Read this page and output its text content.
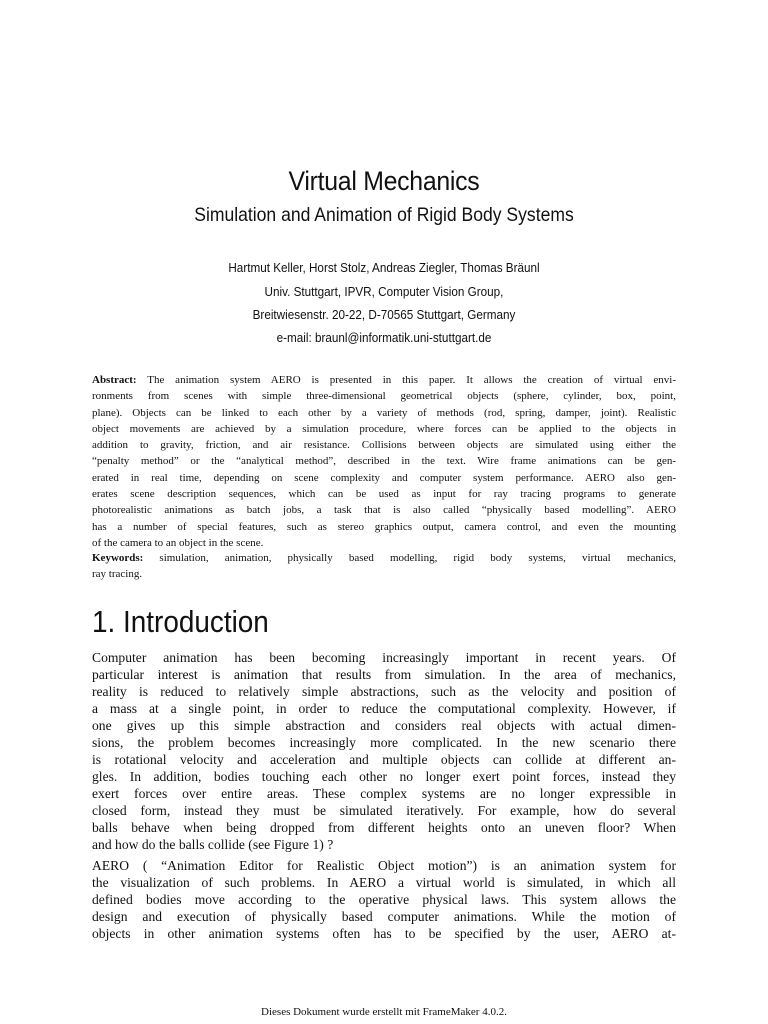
Virtual Mechanics
Simulation and Animation of Rigid Body Systems
Hartmut Keller, Horst Stolz, Andreas Ziegler, Thomas Bräunl
Univ. Stuttgart, IPVR, Computer Vision Group,
Breitwiesenstr. 20-22, D-70565 Stuttgart, Germany
e-mail: braunl@informatik.uni-stuttgart.de
Abstract: The animation system AERO is presented in this paper. It allows the creation of virtual envi-
ronments from scenes with simple three-dimensional geometrical objects (sphere, cylinder, box, point,
plane). Objects can be linked to each other by a variety of methods (rod, spring, damper, joint). Realistic
object movements are achieved by a simulation procedure, where forces can be applied to the objects in
addition to gravity, friction, and air resistance. Collisions between objects are simulated using either the
“penalty method” or the “analytical method”, described in the text. Wire frame animations can be gen-
erated in real time, depending on scene complexity and computer system performance. AERO also gen-
erates scene description sequences, which can be used as input for ray tracing programs to generate
photorealistic animations as batch jobs, a task that is also called “physically based modelling”. AERO
has a number of special features, such as stereo graphics output, camera control, and even the mounting
of the camera to an object in the scene.
Keywords: simulation, animation, physically based modelling, rigid body systems, virtual mechanics,
ray tracing.
1. Introduction
Computer animation has been becoming increasingly important in recent years. Of
particular interest is animation that results from simulation. In the area of mechanics,
reality is reduced to relatively simple abstractions, such as the velocity and position of
a mass at a single point, in order to reduce the computational complexity. However, if
one gives up this simple abstraction and considers real objects with actual dimen-
sions, the problem becomes increasingly more complicated. In the new scenario there
is rotational velocity and acceleration and multiple objects can collide at different an-
gles. In addition, bodies touching each other no longer exert point forces, instead they
exert forces over entire areas. These complex systems are no longer expressible in
closed form, instead they must be simulated iteratively. For example, how do several
balls behave when being dropped from different heights onto an uneven floor? When
and how do the balls collide (see Figure 1) ?
AERO ( “Animation Editor for Realistic Object motion”) is an animation system for
the visualization of such problems. In AERO a virtual world is simulated, in which all
defined bodies move according to the operative physical laws. This system allows the
design and execution of physically based computer animations. While the motion of
objects in other animation systems often has to be specified by the user, AERO at-
Dieses Dokument wurde erstellt mit FrameMaker 4.0.2.
